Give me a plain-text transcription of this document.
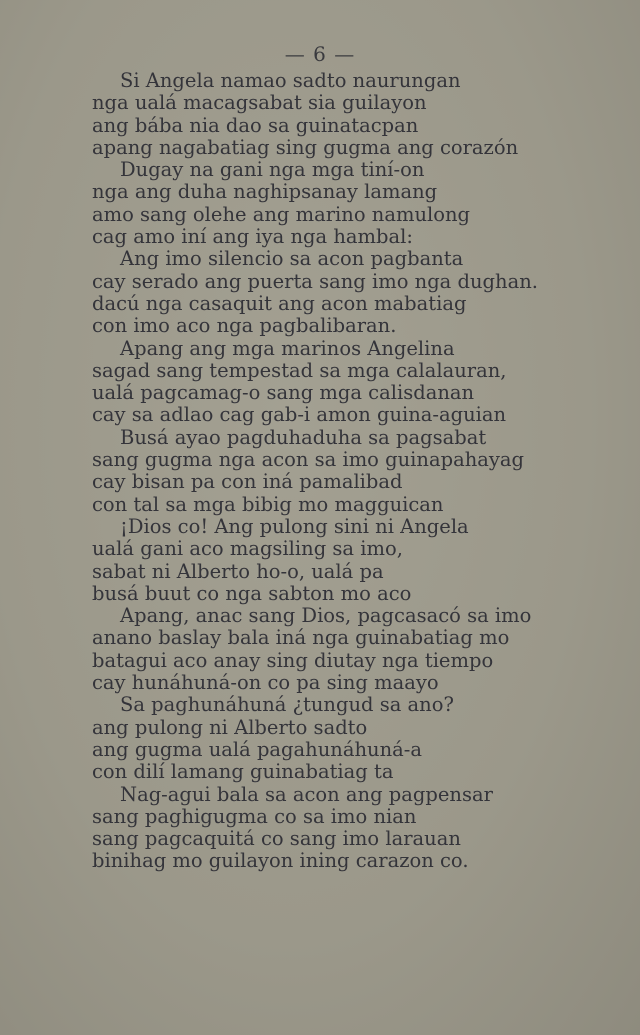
— 6 —
Si Angela namao sadto naurungan
nga ualá macagsabat sia guilayon
ang bába nia dao sa guinatacpan
apang nagabatiag sing gugma ang corazón
Dugay na gani nga mga tiní-on
nga ang duha naghipsanay lamang
amo sang olehe ang marino namulong
cag amo iní ang iya nga hambal:
Ang imo silencio sa acon pagbanta
cay serado ang puerta sang imo nga dughan.
dacú nga casaquit ang acon mabatiag
con imo aco nga pagbalibaran.
Apang ang mga marinos Angelina
sagad sang tempestad sa mga calalauran,
ualá pagcamag-o sang mga calisdanan
cay sa adlao cag gab-i amon guina-aguian
Busá ayao pagduhaduha sa pagsabat
sang gugma nga acon sa imo guinapahayag
cay bisan pa con iná pamalibad
con tal sa mga bibig mo magguican
¡Dios co! Ang pulong sini ni Angela
ualá gani aco magsiling sa imo,
sabat ni Alberto ho-o, ualá pa
busá buut co nga sabton mo aco
Apang, anac sang Dios, pagcasacó sa imo
anano baslay bala iná nga guinabatiag mo
batagui aco anay sing diutay nga tiempo
cay hunáhuná-on co pa sing maayo
Sa paghunáhuná ¿tungud sa ano?
ang pulong ni Alberto sadto
ang gugma ualá pagahunáhuná-a
con dilí lamang guinabatiag ta
Nag-agui bala sa acon ang pagpensar
sang paghigugma co sa imo nian
sang pagcaquitá co sang imo larauan
binihag mo guilayon ining carazon co.
